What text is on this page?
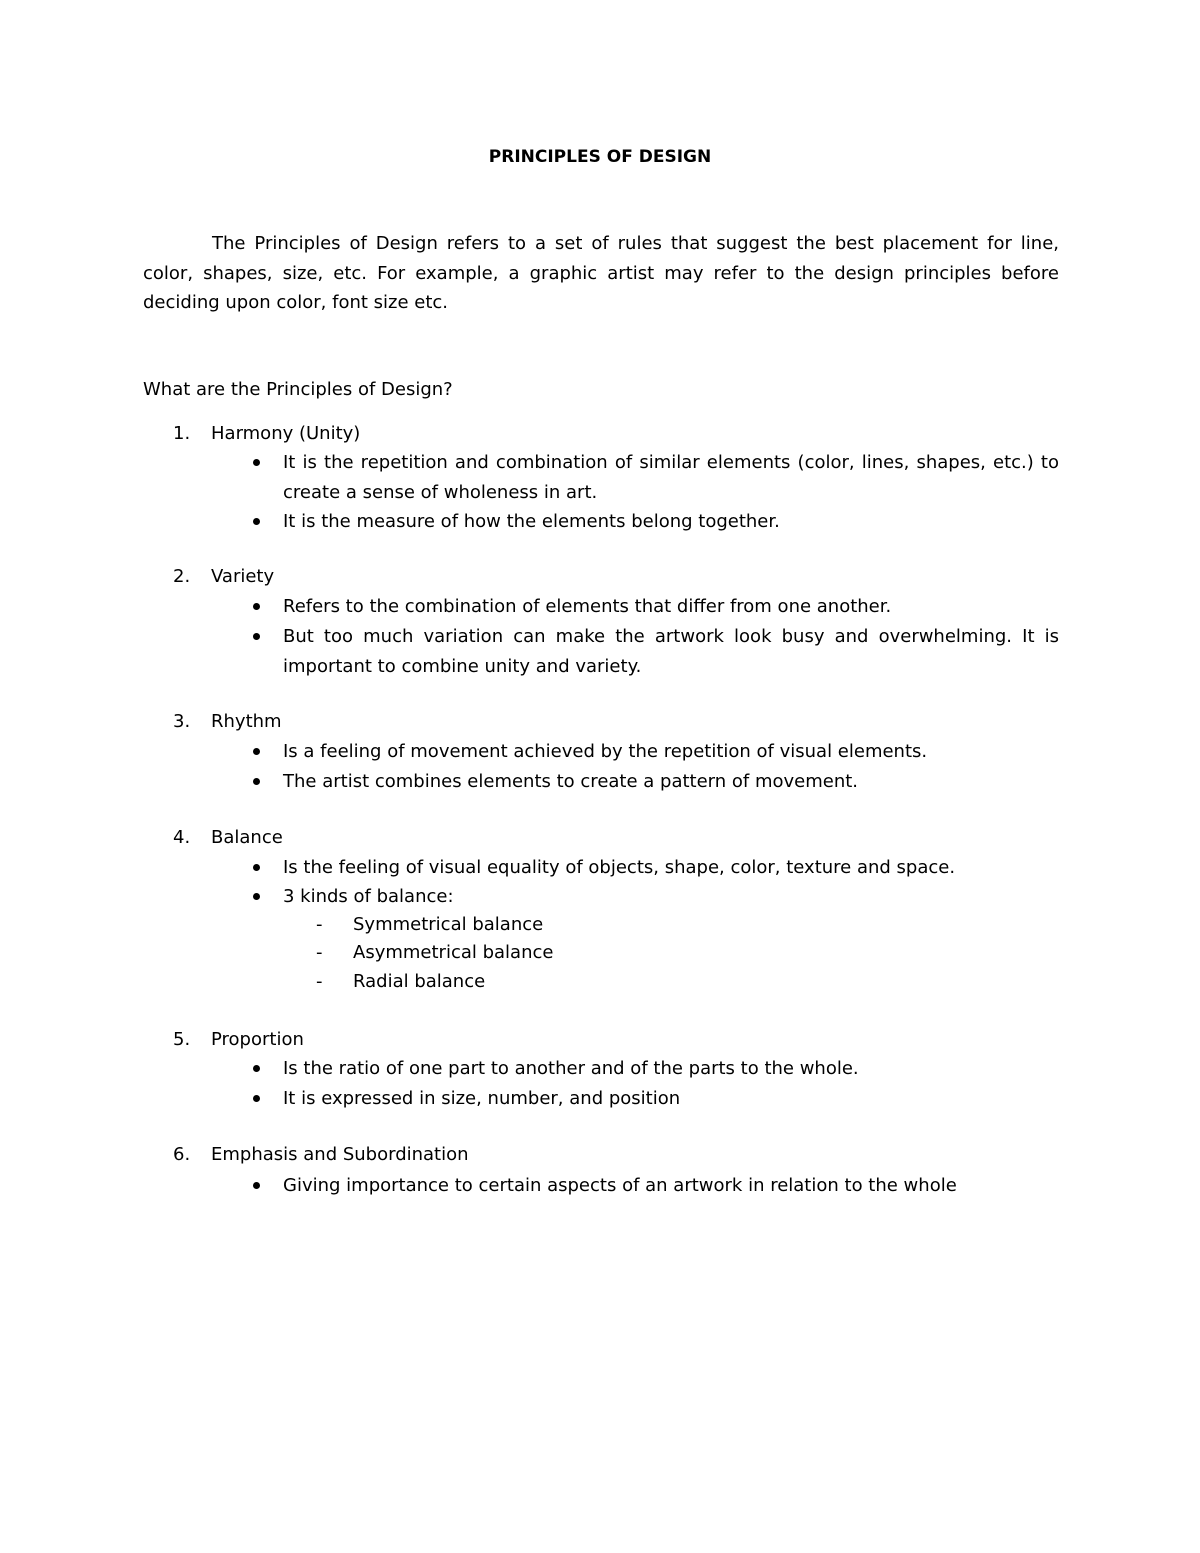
PRINCIPLES OF DESIGN
The Principles of Design refers to a set of rules that suggest the best placement for line, color, shapes, size, etc. For example, a graphic artist may refer to the design principles before deciding upon color, font size etc.
What are the Principles of Design?
1. Harmony (Unity)
It is the repetition and combination of similar elements (color, lines, shapes, etc.) to create a sense of wholeness in art.
It is the measure of how the elements belong together.
2. Variety
Refers to the combination of elements that differ from one another.
But too much variation can make the artwork look busy and overwhelming. It is important to combine unity and variety.
3. Rhythm
Is a feeling of movement achieved by the repetition of visual elements.
The artist combines elements to create a pattern of movement.
4. Balance
Is the feeling of visual equality of objects, shape, color, texture and space.
3 kinds of balance:
- Symmetrical balance
- Asymmetrical balance
- Radial balance
5. Proportion
Is the ratio of one part to another and of the parts to the whole.
It is expressed in size, number, and position
6. Emphasis and Subordination
Giving importance to certain aspects of an artwork in relation to the whole
